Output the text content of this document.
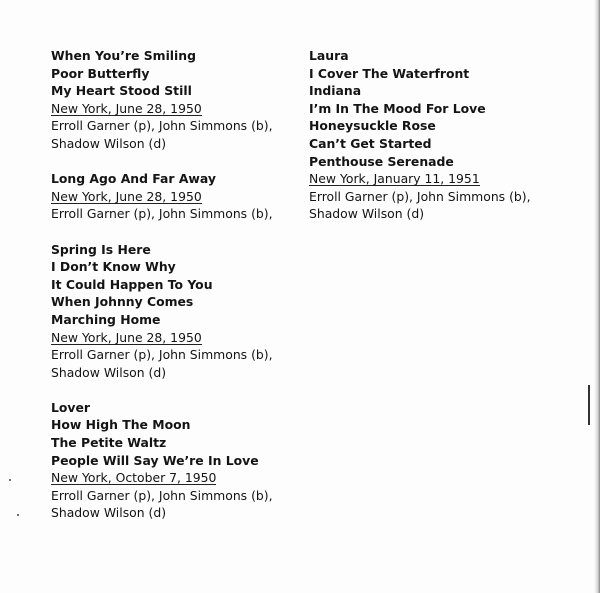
When You’re Smiling
Poor Butterfly
My Heart Stood Still
New York, June 28, 1950
Erroll Garner (p), John Simmons (b),
Shadow Wilson (d)
Long Ago And Far Away
New York, June 28, 1950
Erroll Garner (p), John Simmons (b),
Spring Is Here
I Don’t Know Why
It Could Happen To You
When Johnny Comes
Marching Home
New York, June 28, 1950
Erroll Garner (p), John Simmons (b),
Shadow Wilson (d)
Lover
How High The Moon
The Petite Waltz
People Will Say We’re In Love
New York, October 7, 1950
Erroll Garner (p), John Simmons (b),
Shadow Wilson (d)
Laura
I Cover The Waterfront
Indiana
I’m In The Mood For Love
Honeysuckle Rose
Can’t Get Started
Penthouse Serenade
New York, January 11, 1951
Erroll Garner (p), John Simmons (b),
Shadow Wilson (d)
